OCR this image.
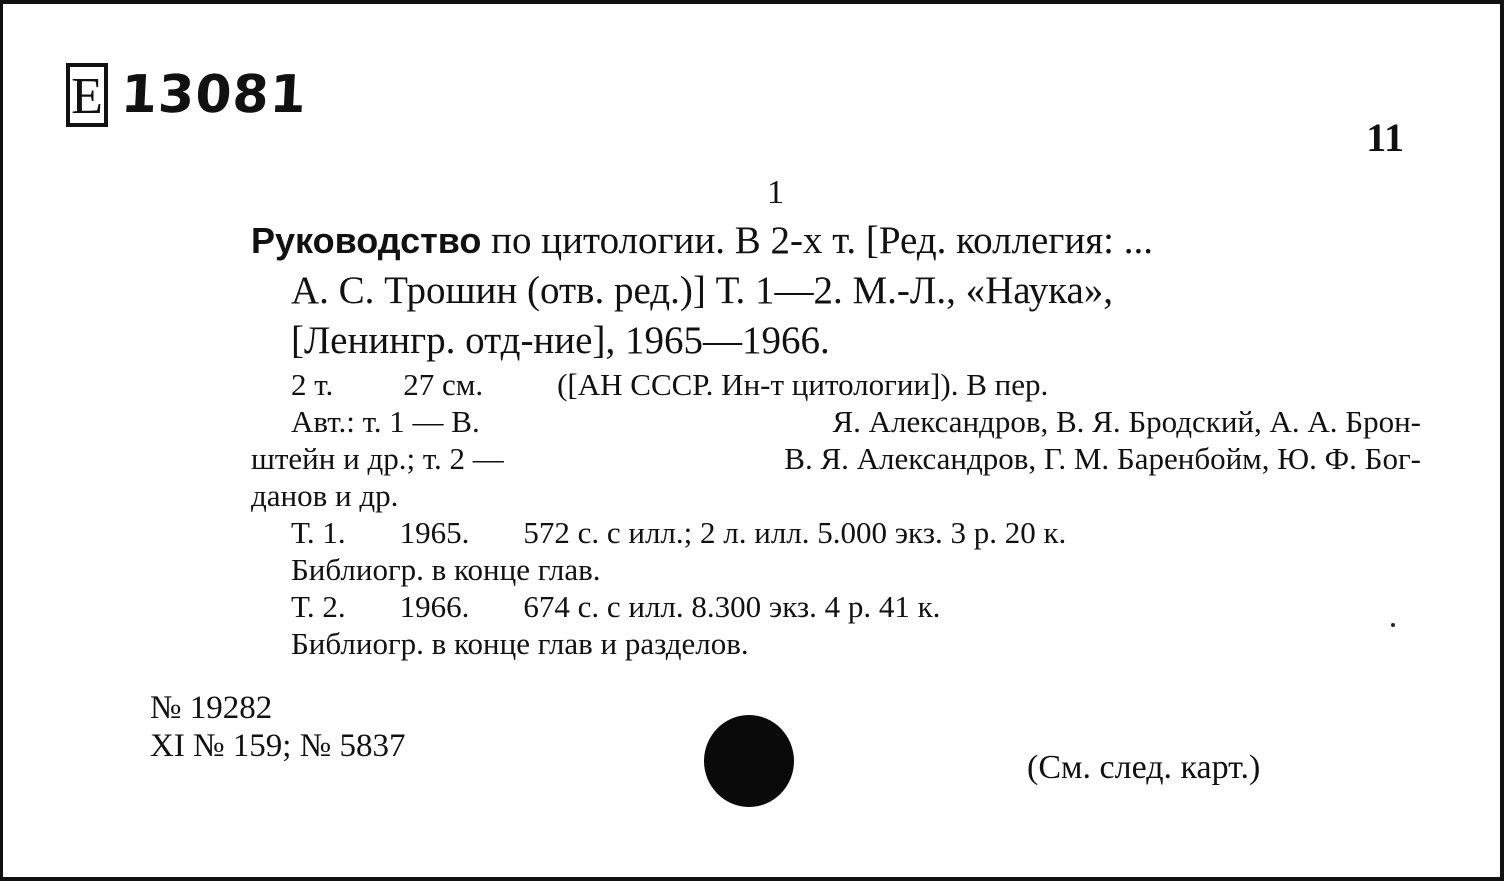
E 13081
11
1
Руководство по цитологии. В 2-х т. [Ред. коллегия: ...
А. С. Трошин (отв. ред.)] Т. 1—2. М.-Л., «Наука»,
[Ленингр. отд-ние], 1965—1966.
2 т. 27 см. ([АН СССР. Ин-т цитологии]). В пер.
Авт.: т. 1 — В.	Я. Александров, В. Я. Бродский, А. А. Брон-
штейн и др.; т. 2 —	В. Я. Александров, Г. М. Баренбойм, Ю. Ф. Бог-
данов и др.
Т. 1. 1965. 572 с. с илл.; 2 л. илл. 5.000 экз. 3 р. 20 к.
Библиогр. в конце глав.
Т. 2. 1966. 674 с. с илл. 8.300 экз. 4 р. 41 к.
Библиогр. в конце глав и разделов.
№ 19282
XI № 159; № 5837
(См. след. карт.)
